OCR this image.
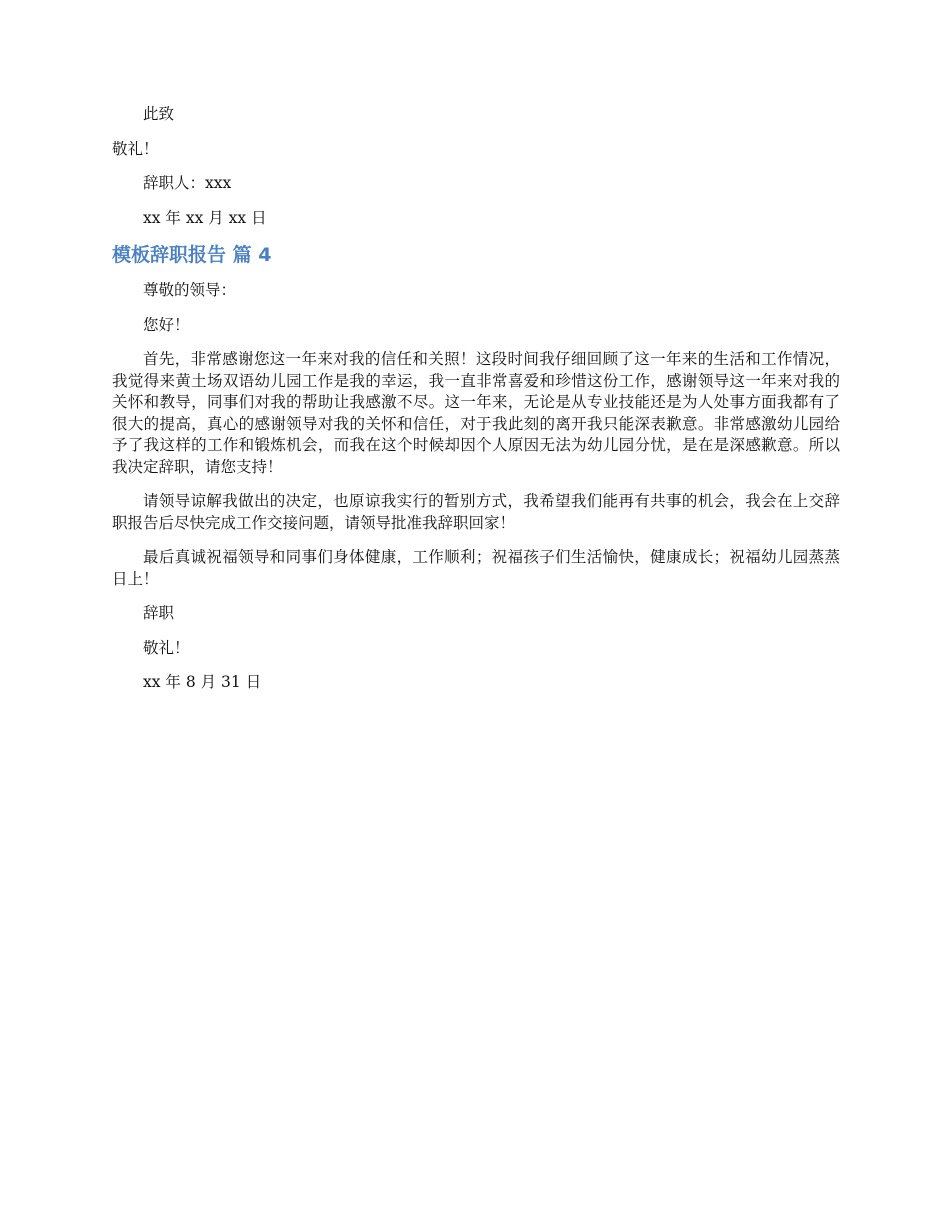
此致

敬礼！

辞职人：xxx

xx 年 xx 月 xx 日

模板辞职报告 篇 4

尊敬的领导：

您好！

首先，非常感谢您这一年来对我的信任和关照！这段时间我仔细回顾了这一年来的生活和工作情况，我觉得来黄土场双语幼儿园工作是我的幸运，我一直非常喜爱和珍惜这份工作，感谢领导这一年来对我的关怀和教导，同事们对我的帮助让我感激不尽。这一年来，无论是从专业技能还是为人处事方面我都有了很大的提高，真心的感谢领导对我的关怀和信任，对于我此刻的离开我只能深表歉意。非常感激幼儿园给予了我这样的工作和锻炼机会，而我在这个时候却因个人原因无法为幼儿园分忧，是在是深感歉意。所以我决定辞职，请您支持！

请领导谅解我做出的决定，也原谅我实行的暂别方式，我希望我们能再有共事的机会，我会在上交辞职报告后尽快完成工作交接问题，请领导批准我辞职回家！

最后真诚祝福领导和同事们身体健康，工作顺利；祝福孩子们生活愉快，健康成长；祝福幼儿园蒸蒸日上！

辞职

敬礼！

xx 年 8 月 31 日
